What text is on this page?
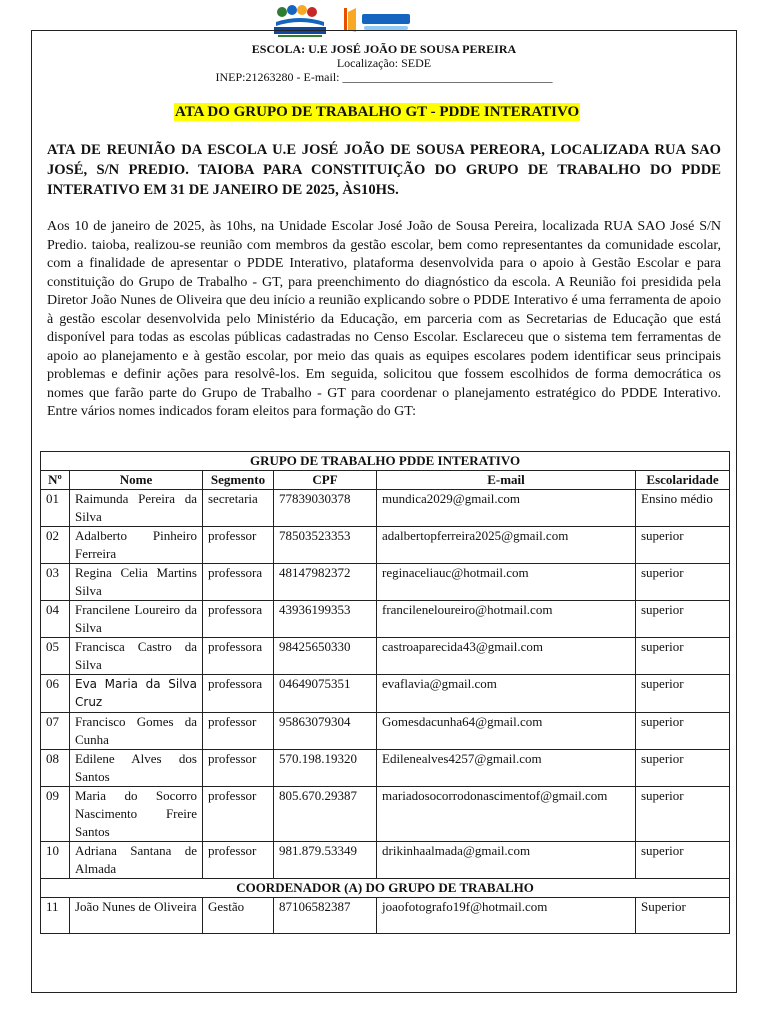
ESCOLA: U.E JOSÉ JOÃO DE SOUSA PEREIRA
Localização: SEDE
INEP:21263280 - E-mail: ___________________________________
ATA DO GRUPO DE TRABALHO GT - PDDE INTERATIVO
ATA DE REUNIÃO DA ESCOLA U.E JOSÉ JOÃO DE SOUSA PEREORA, LOCALIZADA RUA SAO JOSÉ, S/N PREDIO. TAIOBA PARA CONSTITUIÇÃO DO GRUPO DE TRABALHO DO PDDE INTERATIVO EM 31 DE JANEIRO DE 2025, ÀS10HS.
Aos 10 de janeiro de 2025, às 10hs, na Unidade Escolar José João de Sousa Pereira, localizada RUA SAO José S/N Predio. taioba, realizou-se reunião com membros da gestão escolar, bem como representantes da comunidade escolar, com a finalidade de apresentar o PDDE Interativo, plataforma desenvolvida para o apoio à Gestão Escolar e para constituição do Grupo de Trabalho - GT, para preenchimento do diagnóstico da escola. A Reunião foi presidida pela Diretor João Nunes de Oliveira que deu início a reunião explicando sobre o PDDE Interativo é uma ferramenta de apoio à gestão escolar desenvolvida pelo Ministério da Educação, em parceria com as Secretarias de Educação que está disponível para todas as escolas públicas cadastradas no Censo Escolar. Esclareceu que o sistema tem ferramentas de apoio ao planejamento e à gestão escolar, por meio das quais as equipes escolares podem identificar seus principais problemas e definir ações para resolvê-los. Em seguida, solicitou que fossem escolhidos de forma democrática os nomes que farão parte do Grupo de Trabalho - GT para coordenar o planejamento estratégico do PDDE Interativo. Entre vários nomes indicados foram eleitos para formação do GT:
GRUPO DE TRABALHO PDDE INTERATIVO					
Nº	Nome	Segmento	CPF	E-mail	Escolaridade
01	Raimunda Pereira da Silva	secretaria	77839030378	mundica2029@gmail.com	Ensino médio
02	Adalberto Pinheiro Ferreira	professor	78503523353	adalbertopferreira2025@gmail.com	superior
03	Regina Celia Martins Silva	professora	48147982372	reginaceliauc@hotmail.com	superior
04	Francilene Loureiro da Silva	professora	43936199353	francileneloureiro@hotmail.com	superior
05	Francisca Castro da Silva	professora	98425650330	castroaparecida43@gmail.com	superior
06	Eva Maria da Silva Cruz	professora	04649075351	evaflavia@gmail.com	superior
07	Francisco Gomes da Cunha	professor	95863079304	Gomesdacunha64@gmail.com	superior
08	Edilene Alves dos Santos	professor	570.198.19320	Edilenealves4257@gmail.com	superior
09	Maria do Socorro Nascimento Freire Santos	professor	805.670.29387	mariadosocorrodonascimentof@gmail.com	superior
10	Adriana Santana de Almada	professor	981.879.53349	drikinhaalmada@gmail.com	superior
COORDENADOR (A) DO GRUPO DE TRABALHO					
11	João Nunes de Oliveira	Gestão	87106582387	joaofotografo19f@hotmail.com	Superior
